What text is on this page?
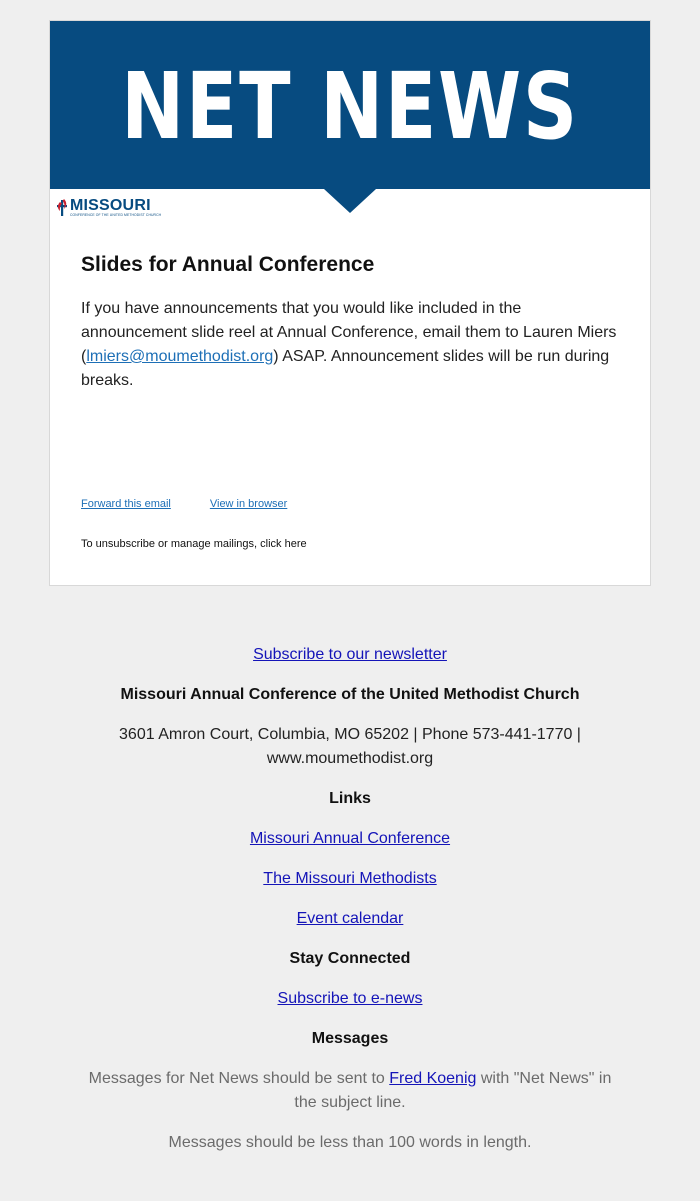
NET NEWS
MISSOURI
CONFERENCE OF THE UNITED METHODIST CHURCH
Slides for Annual Conference

If you have announcements that you would like included in the announcement slide reel at Annual Conference, email them to Lauren Miers (lmiers@moumethodist.org) ASAP. Announcement slides will be run during breaks.

Forward this email	View in browser
To unsubscribe or manage mailings, click here

Subscribe to our newsletter

Missouri Annual Conference of the United Methodist Church

3601 Amron Court, Columbia, MO 65202 | Phone 573-441-1770 |

www.moumethodist.org

Links

Missouri Annual Conference

The Missouri Methodists

Event calendar

Stay Connected

Subscribe to e-news

Messages

Messages for Net News should be sent to Fred Koenig with "Net News" in the subject line.

Messages should be less than 100 words in length.
